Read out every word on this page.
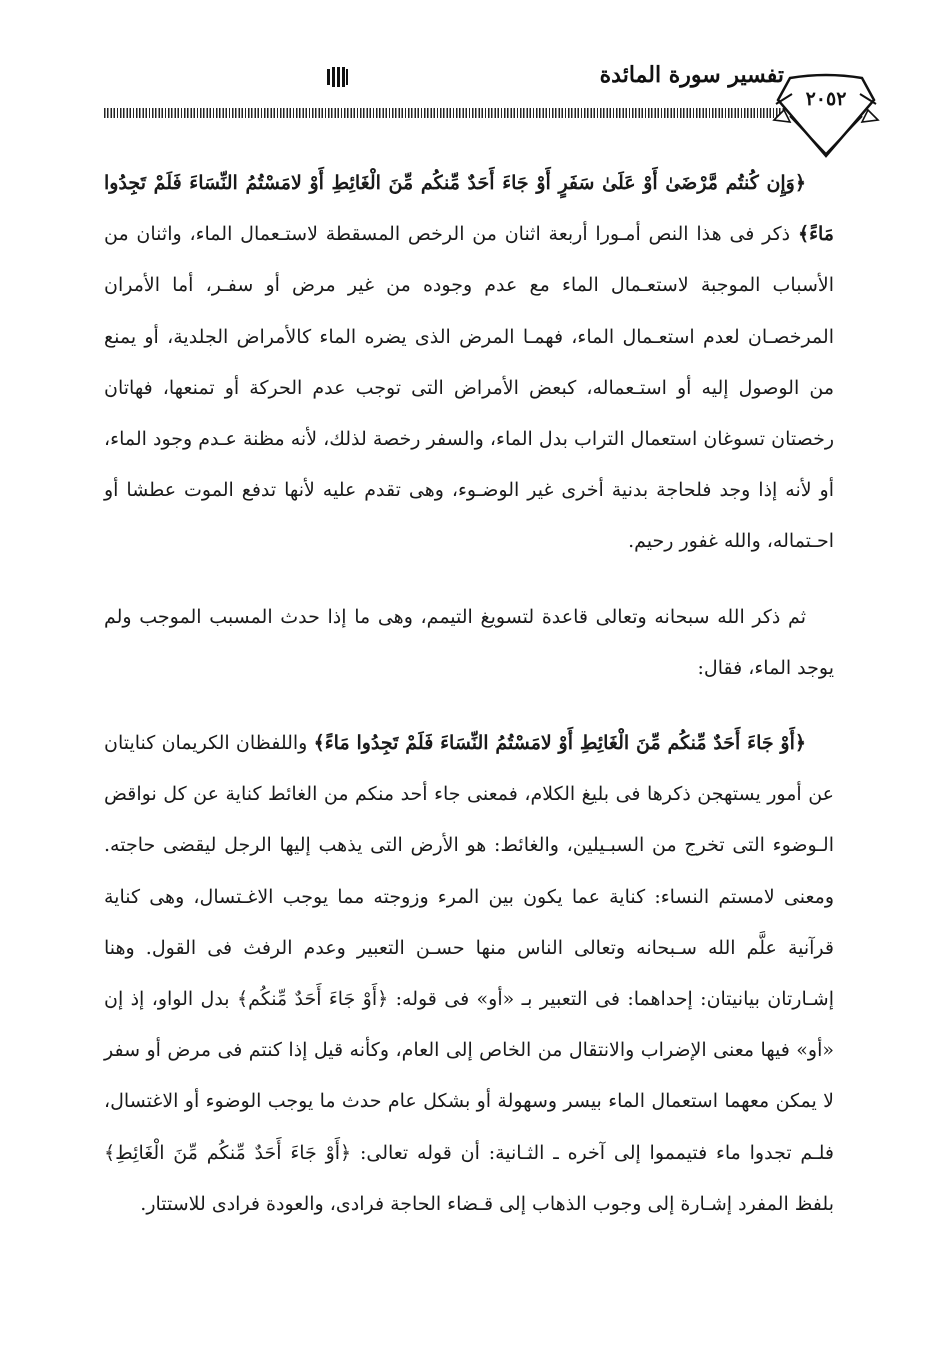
تفسير سورة المائدة
٢٠٥٢

﴿وَإِن كُنتُم مَّرْضَىٰ أَوْ عَلَىٰ سَفَرٍ أَوْ جَاءَ أَحَدٌ مِّنكُم مِّنَ الْغَائِطِ أَوْ لامَسْتُمُ النِّسَاءَ فَلَمْ تَجِدُوا مَاءً﴾ ذكر فى هذا النص أمـورا أربعة اثنان من الرخص المسقطة لاستـعمال الماء، واثنان من الأسباب الموجبة لاستعـمال الماء مع عدم وجوده من غير مرض أو سفـر، أما الأمران المرخصـان لعدم استعـمال الماء، فهمـا المرض الذى يضره الماء كالأمراض الجلدية، أو يمنع من الوصول إليه أو استـعماله، كبعض الأمراض التى توجب عدم الحركة أو تمنعها، فهاتان رخصتان تسوغان استعمال التراب بدل الماء، والسفر رخصة لذلك، لأنه مظنة عـدم وجود الماء، أو لأنه إذا وجد فلحاجة بدنية أخرى غير الوضـوء، وهى تقدم عليه لأنها تدفع الموت عطشا أو احـتماله، والله غفور رحيم.

ثم ذكر الله سبحانه وتعالى قاعدة لتسويغ التيمم، وهى ما إذا حدث المسبب الموجب ولم يوجد الماء، فقال:

﴿أَوْ جَاءَ أَحَدٌ مِّنكُم مِّنَ الْغَائِطِ أَوْ لامَسْتُمُ النِّسَاءَ فَلَمْ تَجِدُوا مَاءً﴾ واللفظان الكريمان كنايتان عن أمور يستهجن ذكرها فى بليغ الكلام، فمعنى جاء أحد منكم من الغائط كناية عن كل نواقض الـوضوء التى تخرج من السبـيلين، والغائط: هو الأرض التى يذهب إليها الرجل ليقضى حاجته. ومعنى لامستم النساء: كناية عما يكون بين المرء وزوجته مما يوجب الاغـتسال، وهى كناية قرآنية علَّم الله سـبحانه وتعالى الناس منها حسـن التعبير وعدم الرفث فى القول. وهنا إشـارتان بيانيتان: إحداهما: فى التعبير بـ «أو» فى قوله: ﴿أَوْ جَاءَ أَحَدٌ مِّنكُم﴾ بدل الواو، إذ إن «أو» فيها معنى الإضراب والانتقال من الخاص إلى العام، وكأنه قيل إذا كنتم فى مرض أو سفر لا يمكن معهما استعمال الماء بيسر وسهولة أو بشكل عام حدث ما يوجب الوضوء أو الاغتسال، فلـم تجدوا ماء فتيمموا إلى آخره ـ الثـانية: أن قوله تعالى: ﴿أَوْ جَاءَ أَحَدٌ مِّنكُم مِّنَ الْغَائِطِ﴾ بلفظ المفرد إشـارة إلى وجوب الذهاب إلى قـضاء الحاجة فرادى، والعودة فرادى للاستتار.
